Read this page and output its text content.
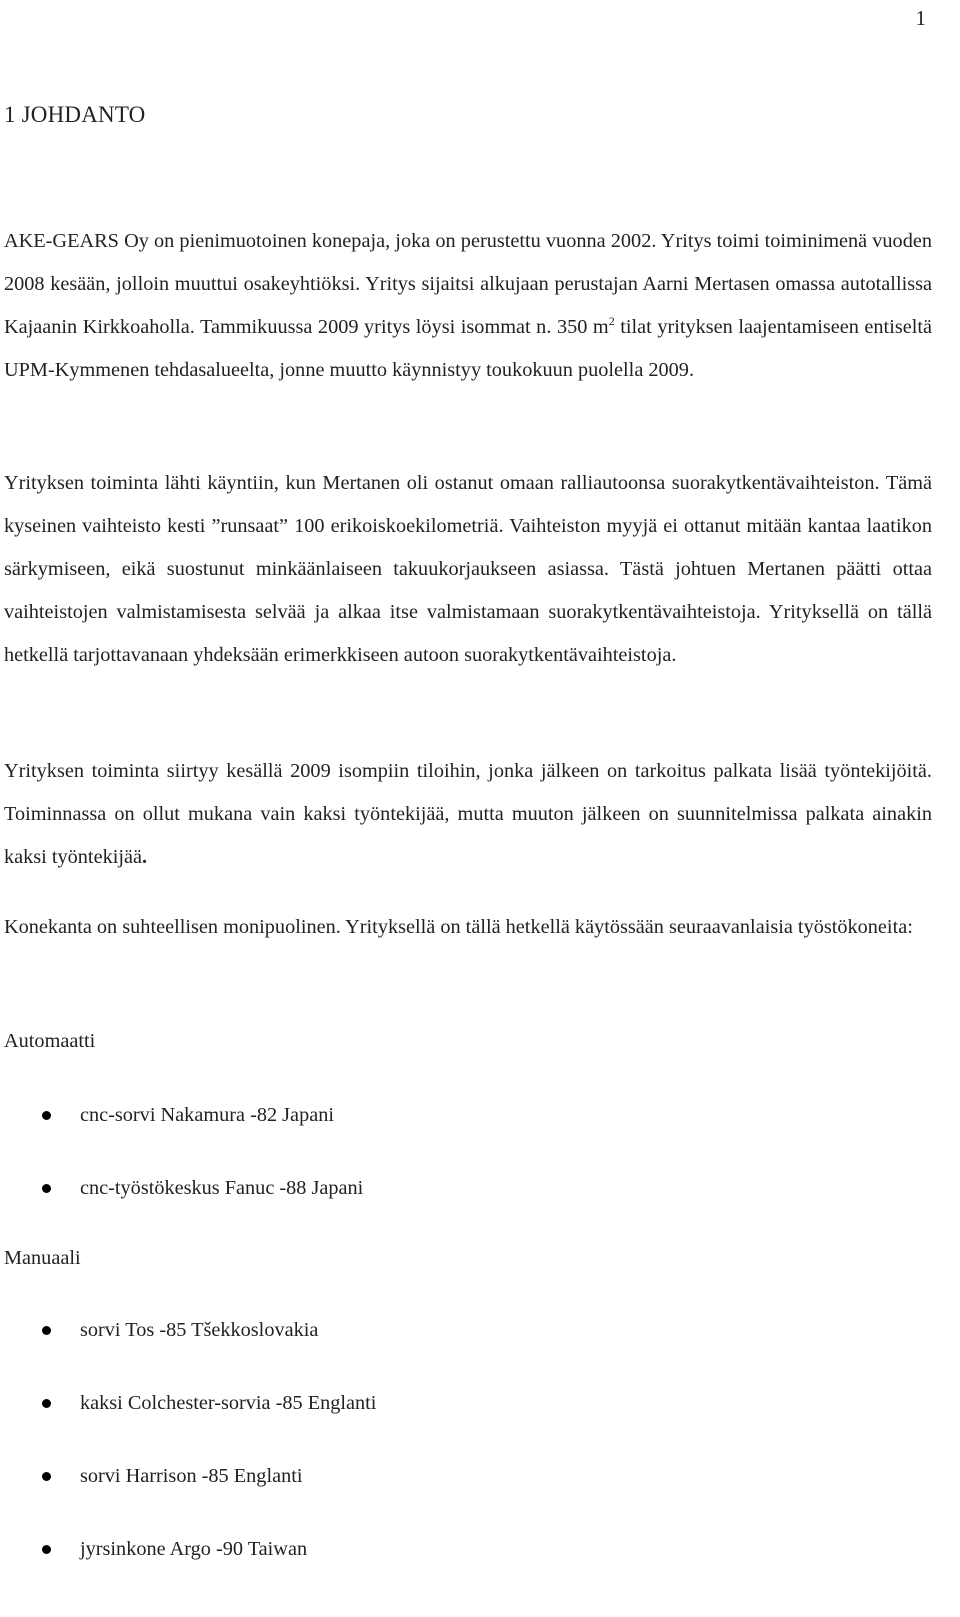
1
1 JOHDANTO

AKE-GEARS Oy on pienimuotoinen konepaja, joka on perustettu vuonna 2002. Yritys toimi toiminimenä vuoden 2008 kesään, jolloin muuttui osakeyhtiöksi. Yritys sijaitsi alkujaan perustajan Aarni Mertasen omassa autotallissa Kajaanin Kirkkoaholla. Tammikuussa 2009 yritys löysi isommat n. 350 $m^2$ tilat yrityksen laajentamiseen entiseltä UPM-Kymmenen tehdasalueelta, jonne muutto käynnistyy toukokuun puolella 2009.

Yrityksen toiminta lähti käyntiin, kun Mertanen oli ostanut omaan ralliautoonsa suorakytkentävaihteiston. Tämä kyseinen vaihteisto kesti ”runsaat” 100 erikoiskoekilometriä. Vaihteiston myyjä ei ottanut mitään kantaa laatikon särkymiseen, eikä suostunut minkäänlaiseen takuukorjaukseen asiassa. Tästä johtuen Mertanen päätti ottaa vaihteistojen valmistamisesta selvää ja alkaa itse valmistamaan suorakytkentävaihteistoja. Yrityksellä on tällä hetkellä tarjottavanaan yhdeksään erimerkkiseen autoon suorakytkentävaihteistoja.

Yrityksen toiminta siirtyy kesällä 2009 isompiin tiloihin, jonka jälkeen on tarkoitus palkata lisää työntekijöitä. Toiminnassa on ollut mukana vain kaksi työntekijää, mutta muuton jälkeen on suunnitelmissa palkata ainakin kaksi työntekijää.

Konekanta on suhteellisen monipuolinen. Yrityksellä on tällä hetkellä käytössään seuraavanlaisia työstökoneita:

Automaatti

cnc-sorvi Nakamura -82 Japani
cnc-työstökeskus Fanuc -88 Japani

Manuaali

sorvi Tos -85 Tšekkoslovakia
kaksi Colchester-sorvia -85 Englanti
sorvi Harrison -85 Englanti
jyrsinkone Argo -90 Taiwan
